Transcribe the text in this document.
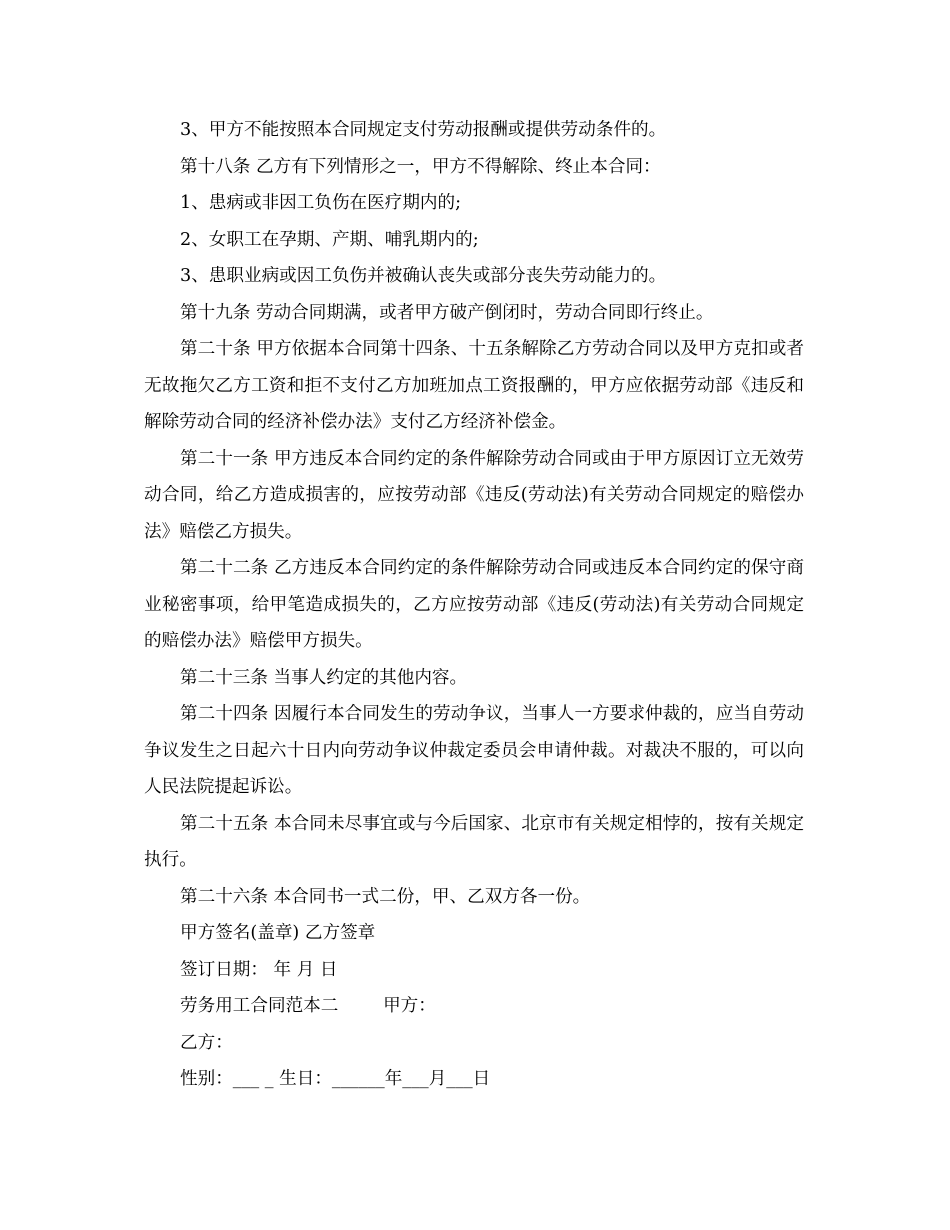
3、甲方不能按照本合同规定支付劳动报酬或提供劳动条件的。

第十八条 乙方有下列情形之一，甲方不得解除、终止本合同：

1、患病或非因工负伤在医疗期内的;

2、女职工在孕期、产期、哺乳期内的;

3、患职业病或因工负伤并被确认丧失或部分丧失劳动能力的。

第十九条 劳动合同期满，或者甲方破产倒闭时，劳动合同即行终止。

第二十条 甲方依据本合同第十四条、十五条解除乙方劳动合同以及甲方克扣或者无故拖欠乙方工资和拒不支付乙方加班加点工资报酬的，甲方应依据劳动部《违反和解除劳动合同的经济补偿办法》支付乙方经济补偿金。

第二十一条 甲方违反本合同约定的条件解除劳动合同或由于甲方原因订立无效劳动合同，给乙方造成损害的，应按劳动部《违反(劳动法)有关劳动合同规定的赔偿办法》赔偿乙方损失。

第二十二条 乙方违反本合同约定的条件解除劳动合同或违反本合同约定的保守商业秘密事项，给甲笔造成损失的，乙方应按劳动部《违反(劳动法)有关劳动合同规定的赔偿办法》赔偿甲方损失。

第二十三条 当事人约定的其他内容。

第二十四条 因履行本合同发生的劳动争议，当事人一方要求仲裁的，应当自劳动争议发生之日起六十日内向劳动争议仲裁定委员会申请仲裁。对裁决不服的，可以向人民法院提起诉讼。

第二十五条 本合同未尽事宜或与今后国家、北京市有关规定相悖的，按有关规定执行。

第二十六条 本合同书一式二份，甲、乙双方各一份。

甲方签名(盖章) 乙方签章

签订日期： 年 月 日

劳务用工合同范本二        甲方：

乙方：

性别：___ _ 生日：______年___月___日
